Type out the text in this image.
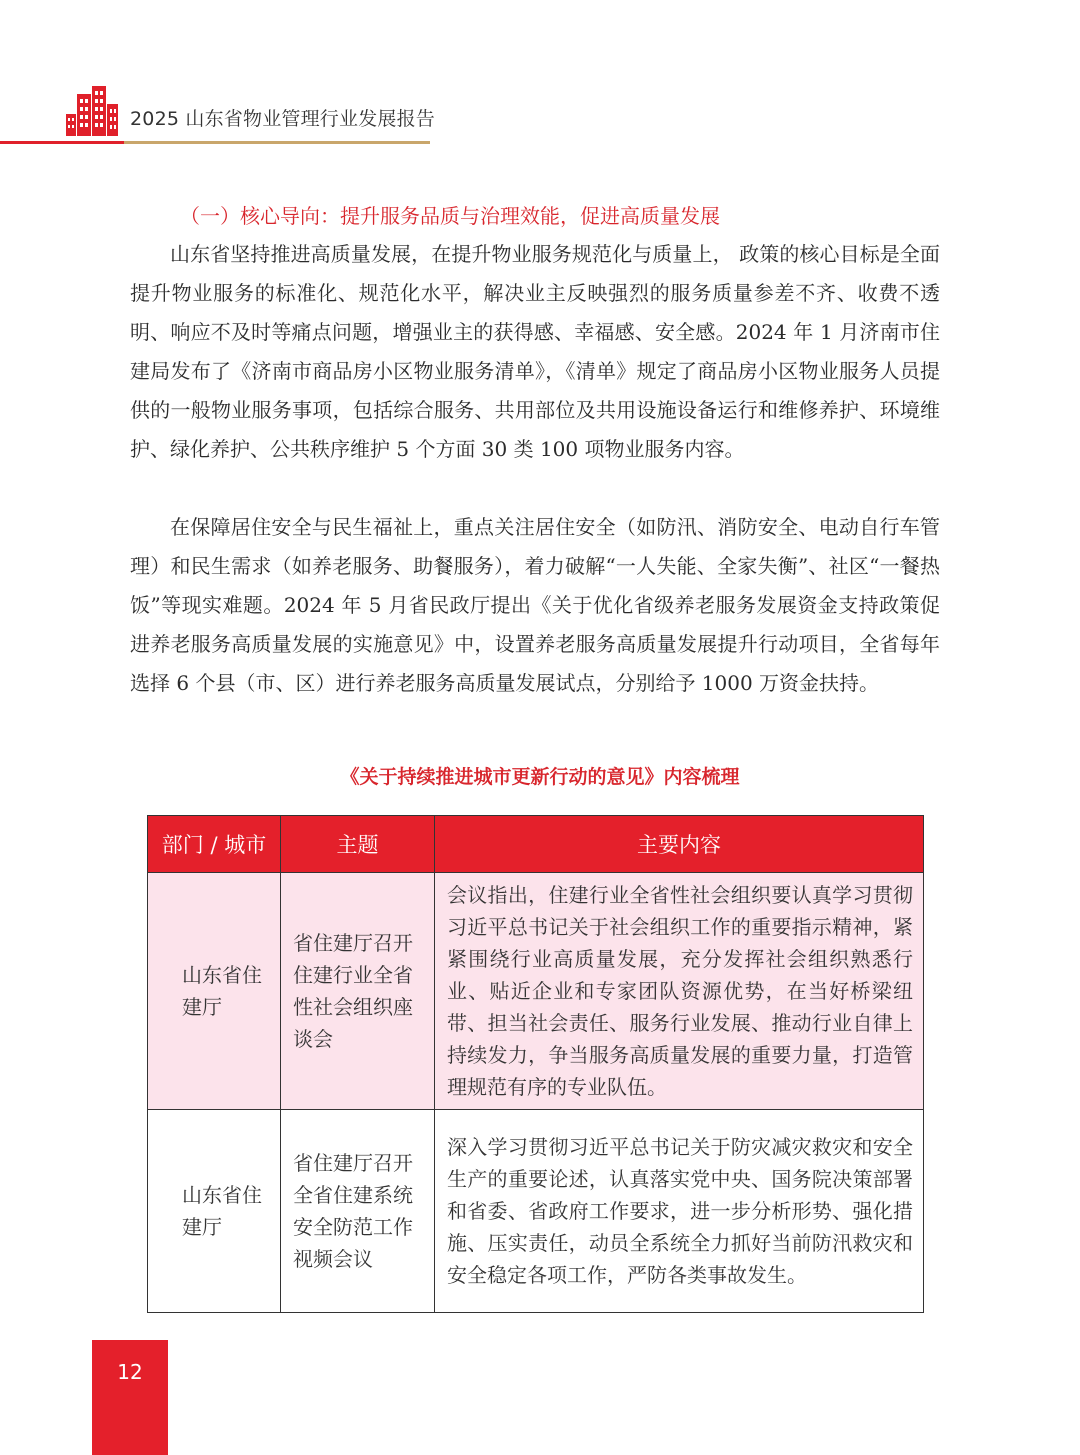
2025 山东省物业管理行业发展报告
（一）核心导向：提升服务品质与治理效能，促进高质量发展

山东省坚持推进高质量发展，在提升物业服务规范化与质量上， 政策的核心目标是全面提升物业服务的标准化、规范化水平，解决业主反映强烈的服务质量参差不齐、收费不透明、响应不及时等痛点问题，增强业主的获得感、幸福感、安全感。2024 年 1 月济南市住建局发布了《济南市商品房小区物业服务清单》，《清单》规定了商品房小区物业服务人员提供的一般物业服务事项，包括综合服务、共用部位及共用设施设备运行和维修养护、环境维护、绿化养护、公共秩序维护 5 个方面 30 类 100 项物业服务内容。

在保障居住安全与民生福祉上，重点关注居住安全（如防汛、消防安全、电动自行车管理）和民生需求（如养老服务、助餐服务），着力破解“一人失能、全家失衡”、社区“一餐热饭”等现实难题。2024 年 5 月省民政厅提出《关于优化省级养老服务发展资金支持政策促进养老服务高质量发展的实施意见》中，设置养老服务高质量发展提升行动项目，全省每年选择 6 个县（市、区）进行养老服务高质量发展试点，分别给予 1000 万资金扶持。

《关于持续推进城市更新行动的意见》内容梳理
部门 / 城市	主题	主要内容
山东省住建厅	省住建厅召开住建行业全省性社会组织座谈会	会议指出，住建行业全省性社会组织要认真学习贯彻习近平总书记关于社会组织工作的重要指示精神，紧紧围绕行业高质量发展，充分发挥社会组织熟悉行业、贴近企业和专家团队资源优势，在当好桥梁纽带、担当社会责任、服务行业发展、推动行业自律上持续发力，争当服务高质量发展的重要力量，打造管理规范有序的专业队伍。
山东省住建厅	省住建厅召开全省住建系统安全防范工作视频会议	深入学习贯彻习近平总书记关于防灾减灾救灾和安全生产的重要论述，认真落实党中央、国务院决策部署和省委、省政府工作要求，进一步分析形势、强化措施、压实责任，动员全系统全力抓好当前防汛救灾和安全稳定各项工作，严防各类事故发生。
12
